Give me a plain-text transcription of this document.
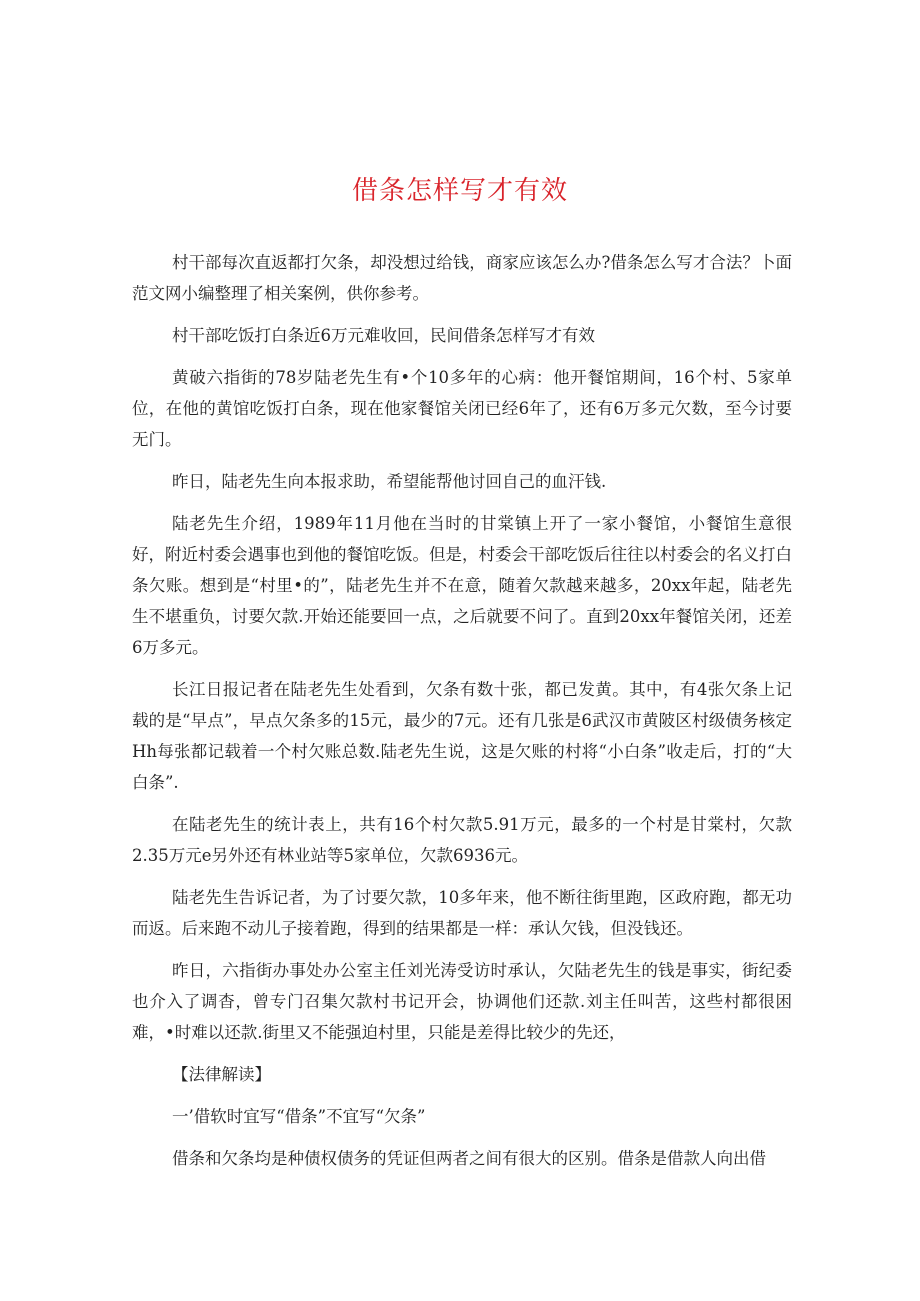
借条怎样写才有效

村干部每次直返都打欠条，却没想过给钱，商家应该怎么办?借条怎么写才合法？卜面范文网小编整理了相关案例，供你参考。

村干部吃饭打白条近6万元难收回，民间借条怎样写才有效

黄破六指街的78岁陆老先生有•个10多年的心病：他开餐馆期间，16个村、5家单位，在他的黄馆吃饭打白条，现在他家餐馆关闭已经6年了，还有6万多元欠数，至今讨要无门。

昨日，陆老先生向本报求助，希望能帮他讨回自己的血汗钱.

陆老先生介绍，1989年11月他在当时的甘棠镇上开了一家小餐馆，小餐馆生意很好，附近村委会遇事也到他的餐馆吃饭。但是，村委会干部吃饭后往往以村委会的名义打白条欠账。想到是“村里•的”，陆老先生并不在意，随着欠款越来越多，20xx年起，陆老先生不堪重负，讨要欠款.开始还能要回一点，之后就要不问了。直到20xx年餐馆关闭，还差6万多元。

长江日报记者在陆老先生处看到，欠条有数十张，都已发黄。其中，有4张欠条上记载的是“早点”，早点欠条多的15元，最少的7元。还有几张是6武汉市黄陂区村级债务核定Hh每张都记载着一个村欠账总数.陆老先生说，这是欠账的村将“小白条”收走后，打的“大白条”.

在陆老先生的统计表上，共有16个村欠款5.91万元，最多的一个村是甘棠村，欠款2.35万元e另外还有林业站等5家单位，欠款6936元。

陆老先生告诉记者，为了讨要欠款，10多年来，他不断往街里跑，区政府跑，都无功而返。后来跑不动儿子接着跑，得到的结果都是一样：承认欠钱，但没钱还。

昨日，六指街办事处办公室主任刘光涛受访时承认，欠陆老先生的钱是事实，街纪委也介入了调杳，曾专门召集欠款村书记开会，协调他们还款.刘主任叫苦，这些村都很困难，•时难以还款.街里又不能强迫村里，只能是差得比较少的先还，

【法律解读】

一’借软时宜写“借条”不宜写“欠条”

借条和欠条均是种债权债务的凭证但两者之间有很大的区别。借条是借款人向出借
